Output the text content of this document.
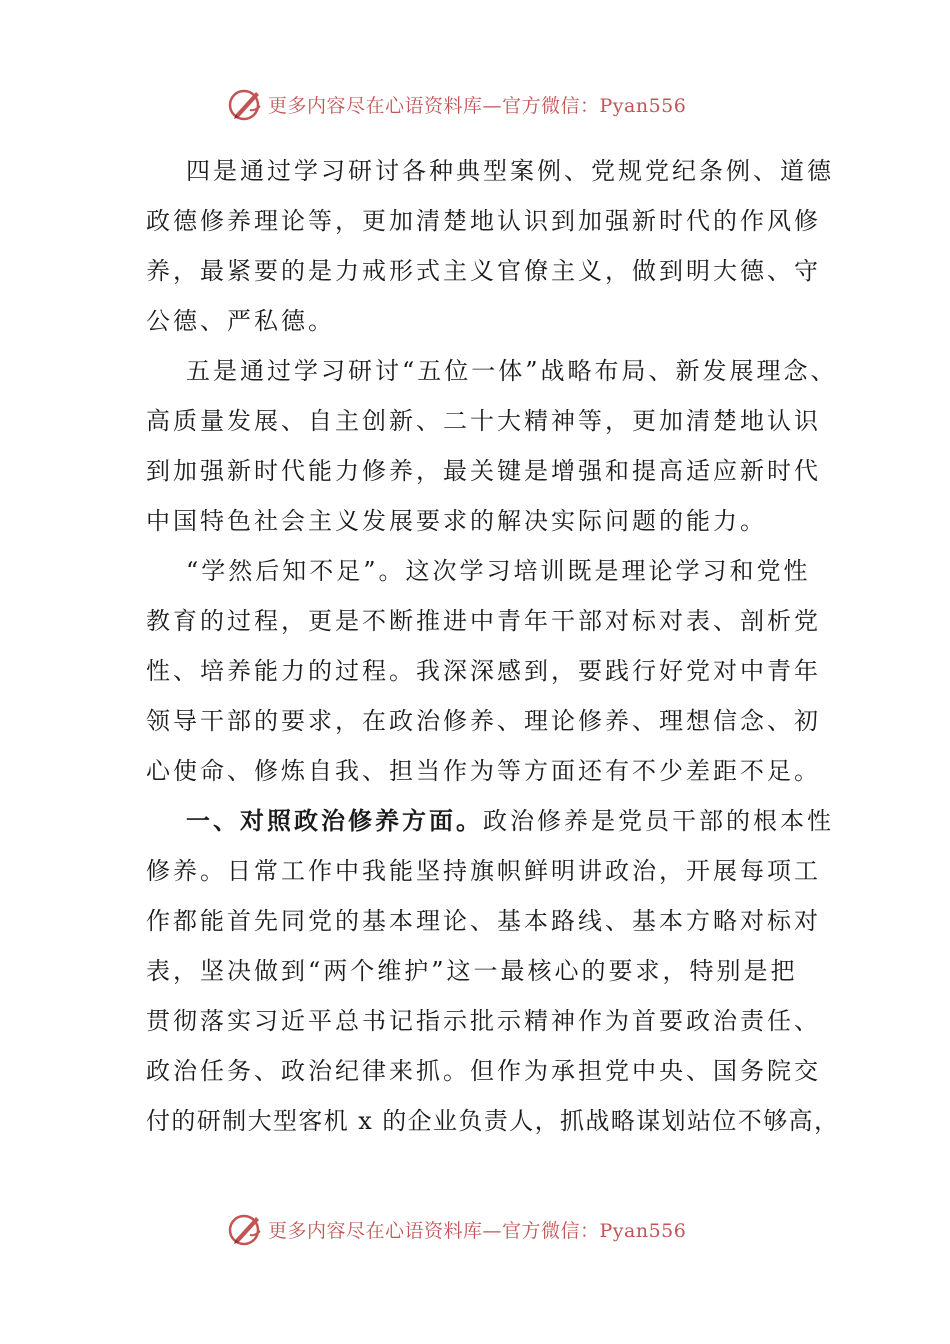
更多内容尽在心语资料库—官方微信：Pyan556
四是通过学习研讨各种典型案例、党规党纪条例、道德
政德修养理论等，更加清楚地认识到加强新时代的作风修
养，最紧要的是力戒形式主义官僚主义，做到明大德、守
公德、严私德。
五是通过学习研讨“五位一体”战略布局、新发展理念、
高质量发展、自主创新、二十大精神等，更加清楚地认识
到加强新时代能力修养，最关键是增强和提高适应新时代
中国特色社会主义发展要求的解决实际问题的能力。
“学然后知不足”。这次学习培训既是理论学习和党性
教育的过程，更是不断推进中青年干部对标对表、剖析党
性、培养能力的过程。我深深感到，要践行好党对中青年
领导干部的要求，在政治修养、理论修养、理想信念、初
心使命、修炼自我、担当作为等方面还有不少差距不足。
一、对照政治修养方面。政治修养是党员干部的根本性
修养。日常工作中我能坚持旗帜鲜明讲政治，开展每项工
作都能首先同党的基本理论、基本路线、基本方略对标对
表，坚决做到“两个维护”这一最核心的要求，特别是把
贯彻落实习近平总书记指示批示精神作为首要政治责任、
政治任务、政治纪律来抓。但作为承担党中央、国务院交
付的研制大型客机 x 的企业负责人，抓战略谋划站位不够高，
更多内容尽在心语资料库—官方微信：Pyan556
